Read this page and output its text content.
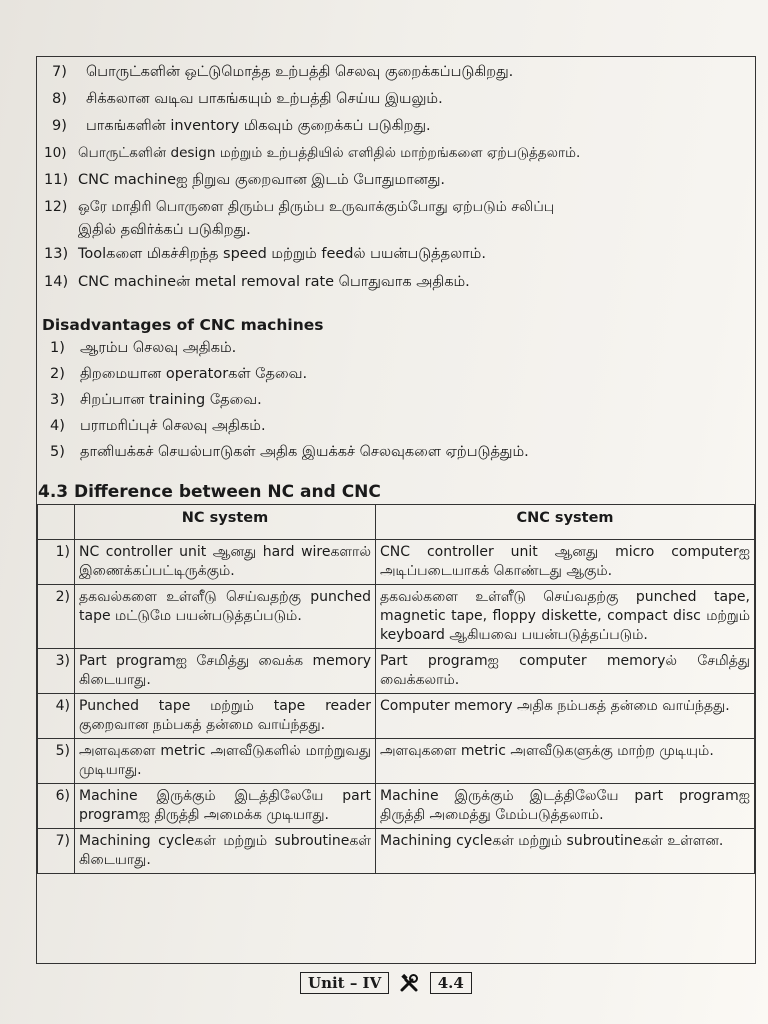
7) பொருட்களின் ஒட்டுமொத்த உற்பத்தி செலவு குறைக்கப்படுகிறது.
8) சிக்கலான வடிவ பாகங்கயும் உற்பத்தி செய்ய இயலும்.
9) பாகங்களின் inventory மிகவும் குறைக்கப் படுகிறது.
10) பொருட்களின் design மற்றும் உற்பத்தியில் எளிதில் மாற்றங்களை ஏற்படுத்தலாம்.
11) CNC machineஐ நிறுவ குறைவான இடம் போதுமானது.
12) ஒரே மாதிரி பொருளை திரும்ப திரும்ப உருவாக்கும்போது ஏற்படும் சலிப்பு
இதில் தவிர்க்கப் படுகிறது.
13) Toolகளை மிகச்சிறந்த speed மற்றும் feedல் பயன்படுத்தலாம்.
14) CNC machineன் metal removal rate பொதுவாக அதிகம்.
Disadvantages of CNC machines
1) ஆரம்ப செலவு அதிகம்.
2) திறமையான operatorகள் தேவை.
3) சிறப்பான training தேவை.
4) பராமரிப்புச் செலவு அதிகம்.
5) தானியக்கச் செயல்பாடுகள் அதிக இயக்கச் செலவுகளை ஏற்படுத்தும்.
4.3 Difference between NC and CNC
	NC system	CNC system
1)	NC controller unit ஆனது hard wireகளால் இணைக்கப்பட்டிருக்கும்.	CNC controller unit ஆனது micro computerஐ அடிப்படையாகக் கொண்டது ஆகும்.
2)	தகவல்களை உள்ளீடு செய்வதற்கு punched tape மட்டுமே பயன்படுத்தப்படும்.	தகவல்களை உள்ளீடு செய்வதற்கு punched tape, magnetic tape, floppy diskette, compact disc மற்றும் keyboard ஆகியவை பயன்படுத்தப்படும்.
3)	Part programஐ சேமித்து வைக்க memory கிடையாது.	Part programஐ computer memoryல் சேமித்து வைக்கலாம்.
4)	Punched tape மற்றும் tape reader குறைவான நம்பகத் தன்மை வாய்ந்தது.	Computer memory அதிக நம்பகத் தன்மை வாய்ந்தது.
5)	அளவுகளை metric அளவீடுகளில் மாற்றுவது முடியாது.	அளவுகளை metric அளவீடுகளுக்கு மாற்ற முடியும்.
6)	Machine இருக்கும் இடத்திலேயே part programஐ திருத்தி அமைக்க முடியாது.	Machine இருக்கும் இடத்திலேயே part programஐ திருத்தி அமைத்து மேம்படுத்தலாம்.
7)	Machining cycleகள் மற்றும் subroutineகள் கிடையாது.	Machining cycleகள் மற்றும் subroutineகள் உள்ளன.
Unit – IV	4.4
